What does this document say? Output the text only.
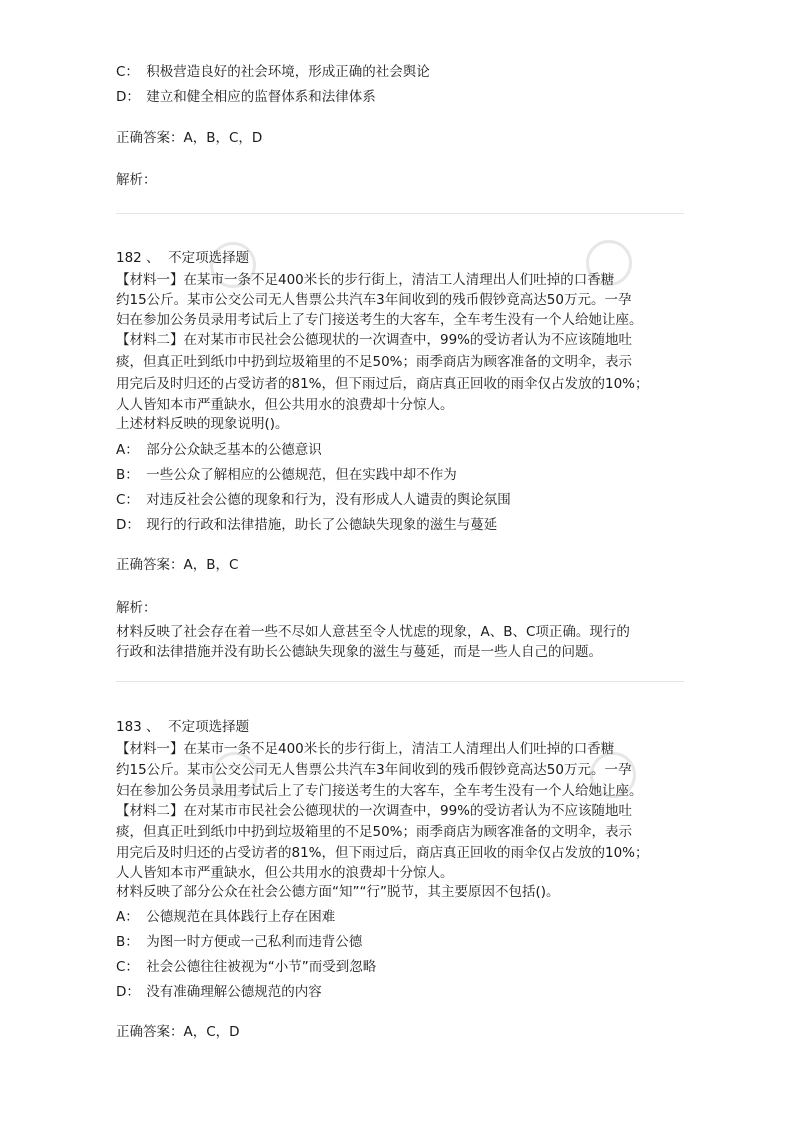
C： 积极营造良好的社会环境，形成正确的社会舆论
D： 建立和健全相应的监督体系和法律体系
正确答案：A，B，C，D
解析：
182 、 不定项选择题
【材料一】在某市一条不足400米长的步行街上，清洁工人清理出人们吐掉的口香糖
约15公斤。某市公交公司无人售票公共汽车3年间收到的残币假钞竟高达50万元。一孕
妇在参加公务员录用考试后上了专门接送考生的大客车，全车考生没有一个人给她让座。
【材料二】在对某市市民社会公德现状的一次调查中，99%的受访者认为不应该随地吐
痰，但真正吐到纸巾中扔到垃圾箱里的不足50%；雨季商店为顾客准备的文明伞，表示
用完后及时归还的占受访者的81%，但下雨过后，商店真正回收的雨伞仅占发放的10%；
人人皆知本市严重缺水，但公共用水的浪费却十分惊人。
上述材料反映的现象说明()。
A： 部分公众缺乏基本的公德意识
B： 一些公众了解相应的公德规范，但在实践中却不作为
C： 对违反社会公德的现象和行为，没有形成人人谴责的舆论氛围
D： 现行的行政和法律措施，助长了公德缺失现象的滋生与蔓延
正确答案：A，B，C
解析：
材料反映了社会存在着一些不尽如人意甚至令人忧虑的现象，A、B、C项正确。现行的
行政和法律措施并没有助长公德缺失现象的滋生与蔓延，而是一些人自己的问题。
183 、 不定项选择题
【材料一】在某市一条不足400米长的步行街上，清洁工人清理出人们吐掉的口香糖
约15公斤。某市公交公司无人售票公共汽车3年间收到的残币假钞竟高达50万元。一孕
妇在参加公务员录用考试后上了专门接送考生的大客车，全车考生没有一个人给她让座。
【材料二】在对某市市民社会公德现状的一次调查中，99%的受访者认为不应该随地吐
痰，但真正吐到纸巾中扔到垃圾箱里的不足50%；雨季商店为顾客准备的文明伞，表示
用完后及时归还的占受访者的81%，但下雨过后，商店真正回收的雨伞仅占发放的10%；
人人皆知本市严重缺水，但公共用水的浪费却十分惊人。
材料反映了部分公众在社会公德方面“知”“行”脱节，其主要原因不包括()。
A： 公德规范在具体践行上存在困难
B： 为图一时方便或一己私利而违背公德
C： 社会公德往往被视为“小节”而受到忽略
D： 没有准确理解公德规范的内容
正确答案：A，C，D
